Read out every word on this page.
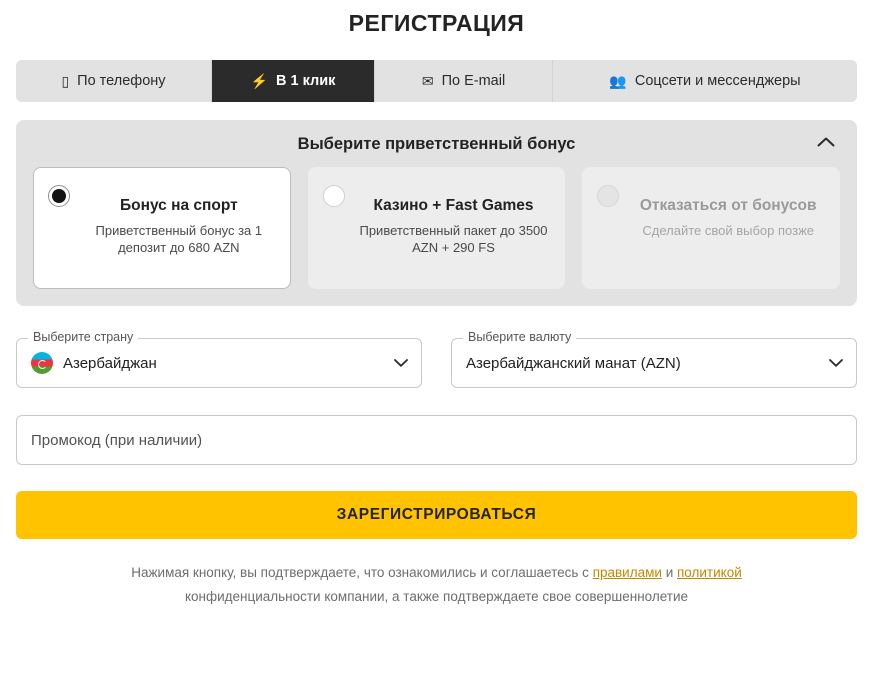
РЕГИСТРАЦИЯ
▯ По телефону	⚡ В 1 клик	✉ По E-mail	👥 Соцсети и мессенджеры
Выберите приветственный бонус
Бонус на спорт
Приветственный бонус за 1 депозит до 680 AZN
Казино + Fast Games
Приветственный пакет до 3500 AZN + 290 FS
Отказаться от бонусов
Сделайте свой выбор позже
Выберите страну
Азербайджан
Выберите валюту
Азербайджанский манат (AZN)
Промокод (при наличии) ЗАРЕГИСТРИРОВАТЬСЯ
Нажимая кнопку, вы подтверждаете, что ознакомились и соглашаетесь с правилами и политикой
конфиденциальности компании, а также подтверждаете свое совершеннолетие
